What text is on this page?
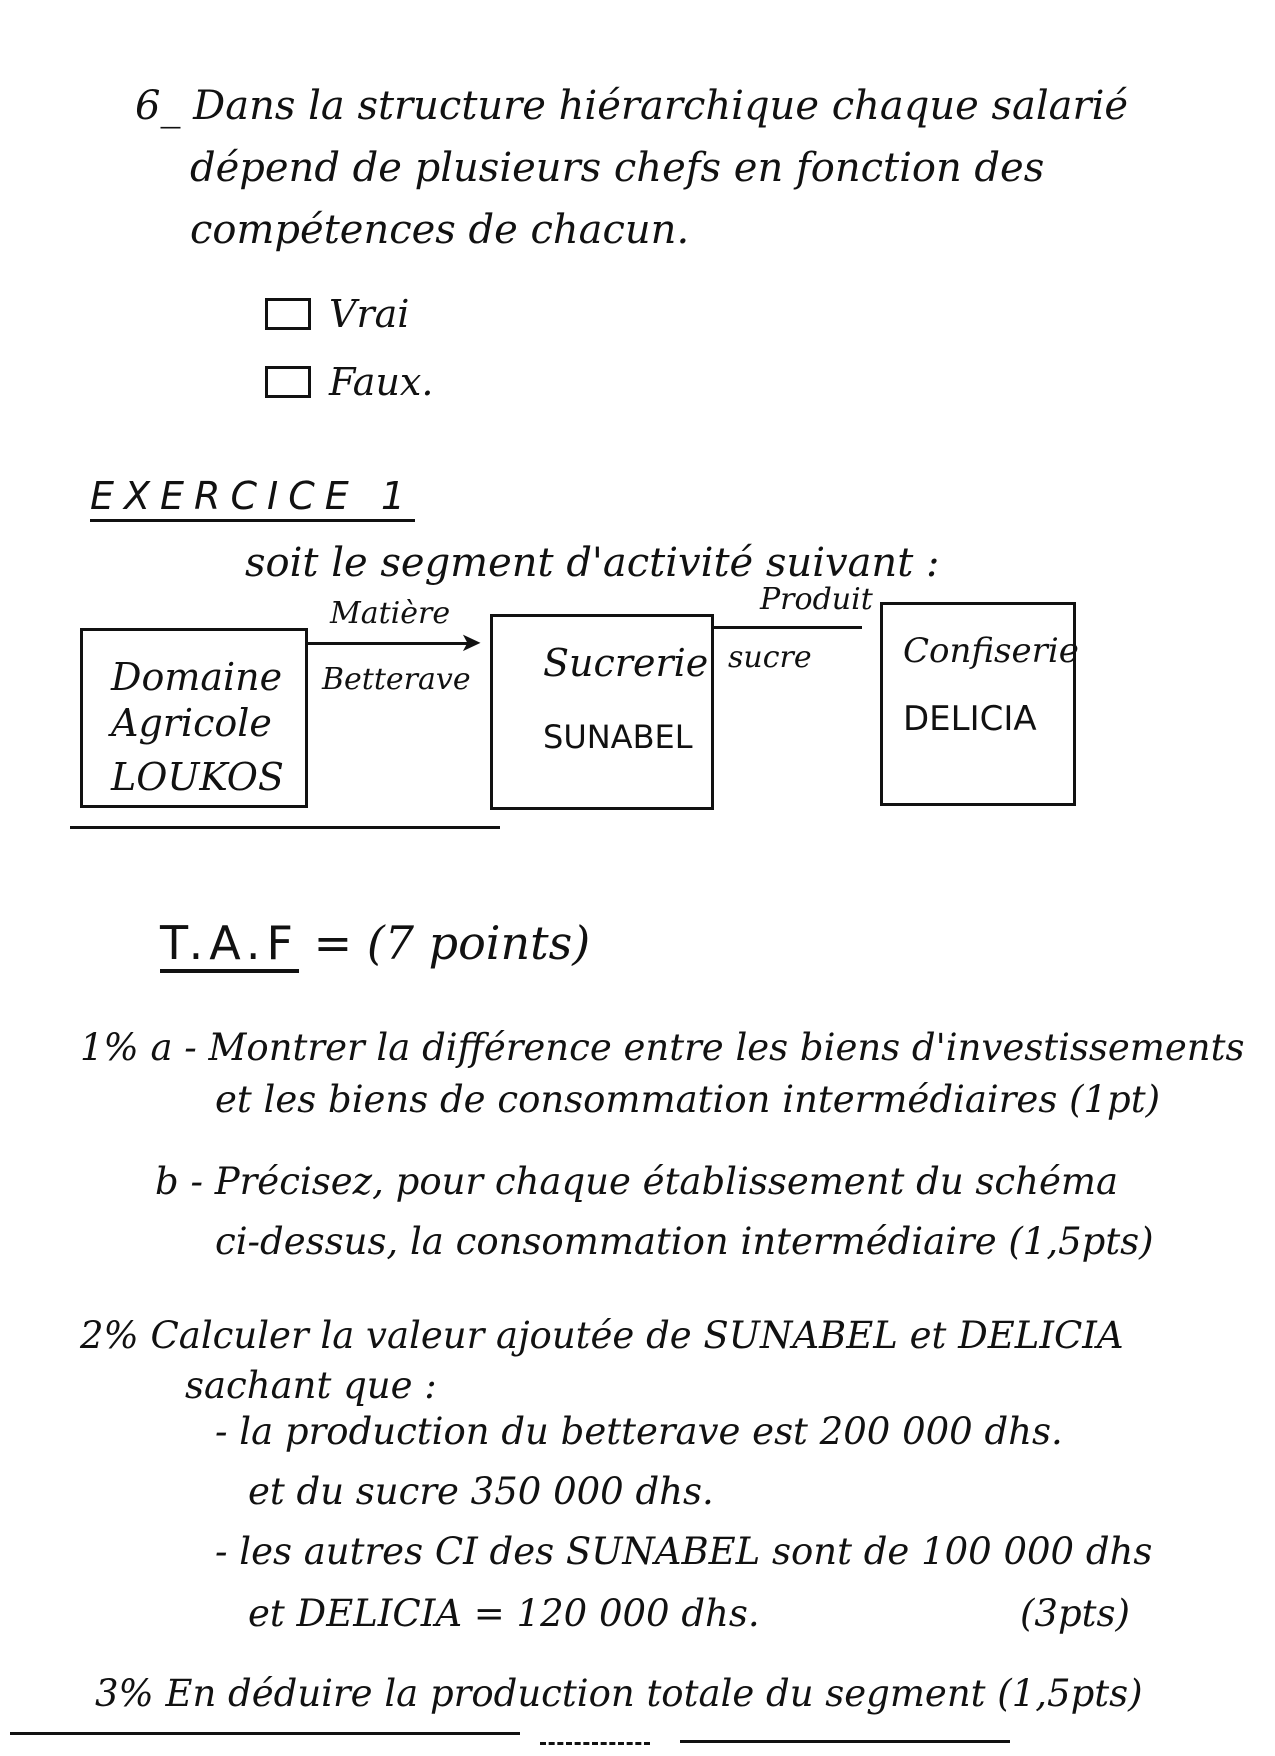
6_ Dans la structure hiérarchique chaque salarié
dépend de plusieurs chefs en fonction des
compétences de chacun.
Vrai
Faux.
EXERCICE 1
soit le segment d'activité suivant :
Domaine
Agricole
LOUKOS
Matière
➤
Betterave Sucrerie
SUNABEL
Produit
sucre	Confiserie
DELICIA
T.A.F = (7 points)
1% a - Montrer la différence entre les biens d'investissements
et les biens de consommation intermédiaires (1pt)
b - Précisez, pour chaque établissement du schéma
ci-dessus, la consommation intermédiaire (1,5pts)
2% Calculer la valeur ajoutée de SUNABEL et DELICIA
sachant que :
- la production du betterave est 200 000 dhs.
et du sucre 350 000 dhs.
- les autres CI des SUNABEL sont de 100 000 dhs
et DELICIA = 120 000 dhs.	(3pts)
3% En déduire la production totale du segment (1,5pts)
